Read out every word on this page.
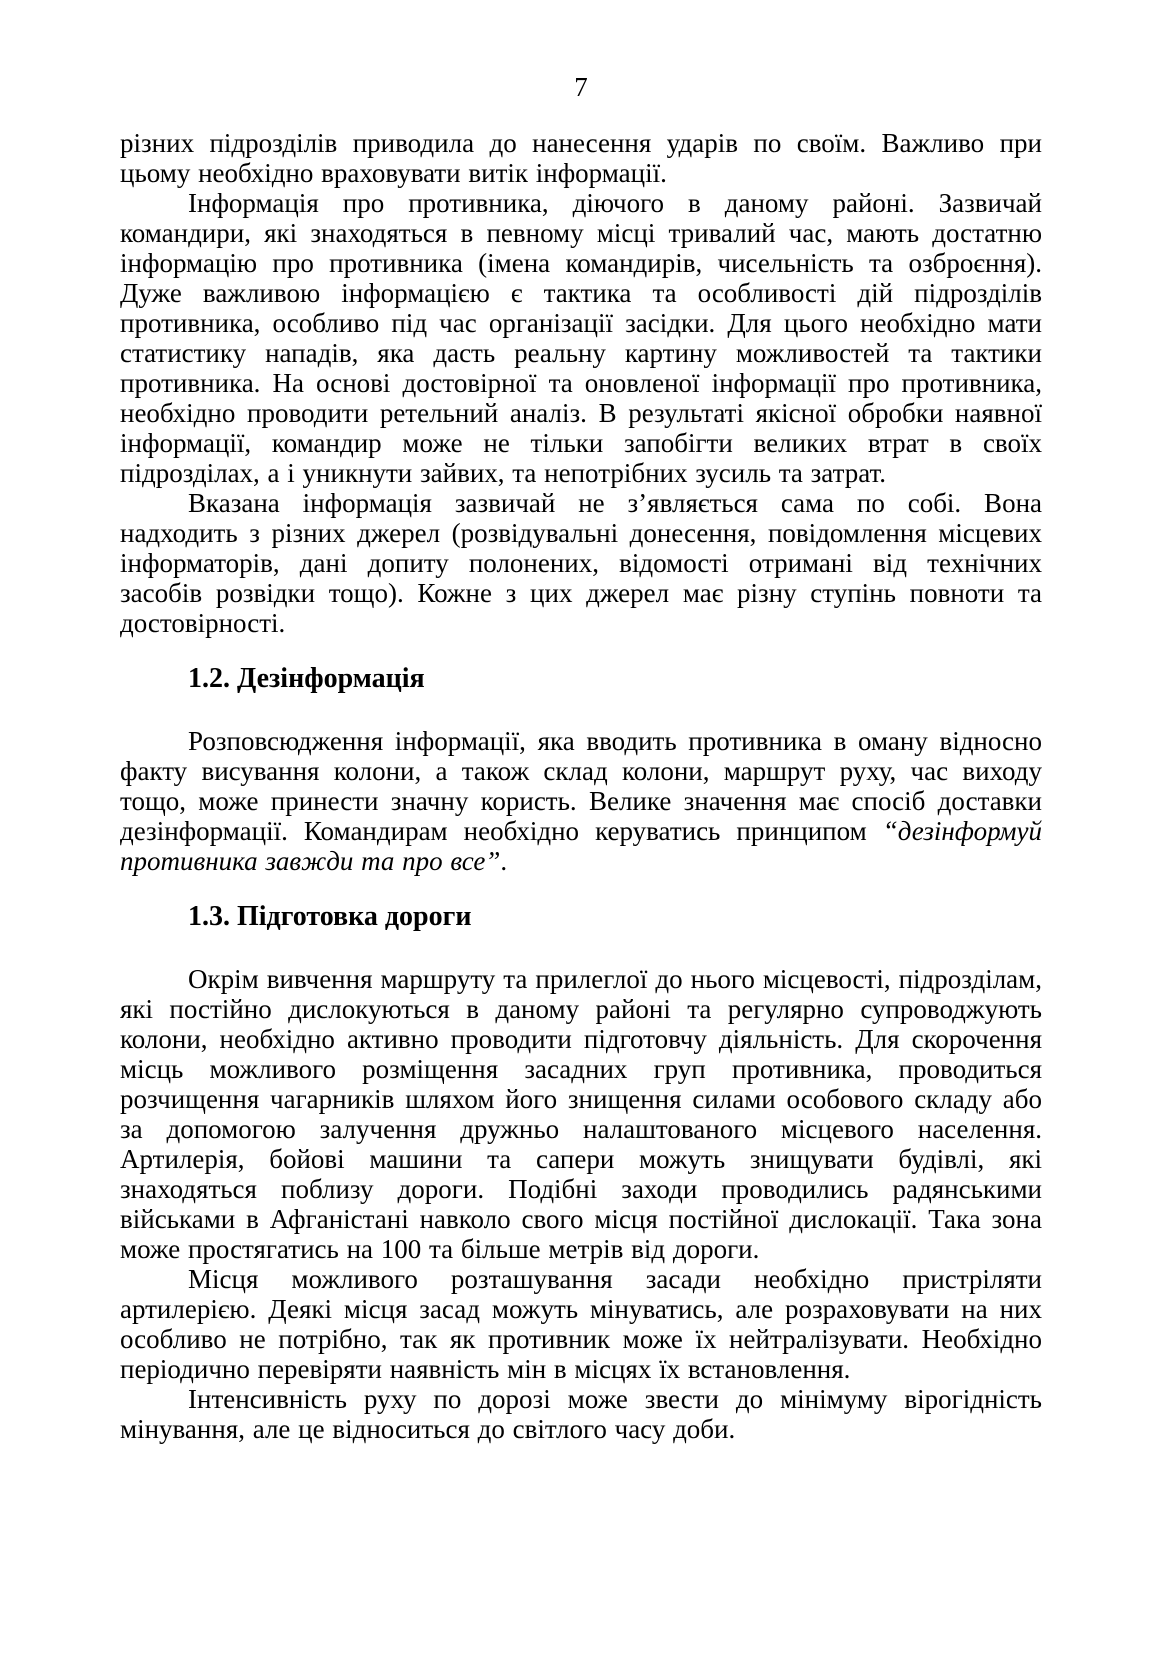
7

різних підрозділів приводила до нанесення ударів по своїм. Важливо при цьому необхідно враховувати витік інформації.

Інформація про противника, діючого в даному районі. Зазвичай командири, які знаходяться в певному місці тривалий час, мають достатню інформацію про противника (імена командирів, чисельність та озброєння). Дуже важливою інформацією є тактика та особливості дій підрозділів противника, особливо під час організації засідки. Для цього необхідно мати статистику нападів, яка дасть реальну картину можливостей та тактики противника. На основі достовірної та оновленої інформації про противника, необхідно проводити ретельний аналіз. В результаті якісної обробки наявної інформації, командир може не тільки запобігти великих втрат в своїх підрозділах, а і уникнути зайвих, та непотрібних зусиль та затрат.

Вказана інформація зазвичай не з’являється сама по собі. Вона надходить з різних джерел (розвідувальні донесення, повідомлення місцевих інформаторів, дані допиту полонених, відомості отримані від технічних засобів розвідки тощо). Кожне з цих джерел має різну ступінь повноти та достовірності.

1.2. Дезінформація

Розповсюдження інформації, яка вводить противника в оману відносно факту висування колони, а також склад колони, маршрут руху, час виходу тощо, може принести значну користь. Велике значення має спосіб доставки дезінформації. Командирам необхідно керуватись принципом “дезінформуй противника завжди та про все”.

1.3. Підготовка дороги

Окрім вивчення маршруту та прилеглої до нього місцевості, підрозділам, які постійно дислокуються в даному районі та регулярно супроводжують колони, необхідно активно проводити підготовчу діяльність. Для скорочення місць можливого розміщення засадних груп противника, проводиться розчищення чагарників шляхом його знищення силами особового складу або за допомогою залучення дружньо налаштованого місцевого населення. Артилерія, бойові машини та сапери можуть знищувати будівлі, які знаходяться поблизу дороги. Подібні заходи проводились радянськими військами в Афганістані навколо свого місця постійної дислокації. Така зона може простягатись на 100 та більше метрів від дороги.

Місця можливого розташування засади необхідно пристріляти артилерією. Деякі місця засад можуть мінуватись, але розраховувати на них особливо не потрібно, так як противник може їх нейтралізувати. Необхідно періодично перевіряти наявність мін в місцях їх встановлення.

Інтенсивність руху по дорозі може звести до мінімуму вірогідність мінування, але це відноситься до світлого часу доби.
